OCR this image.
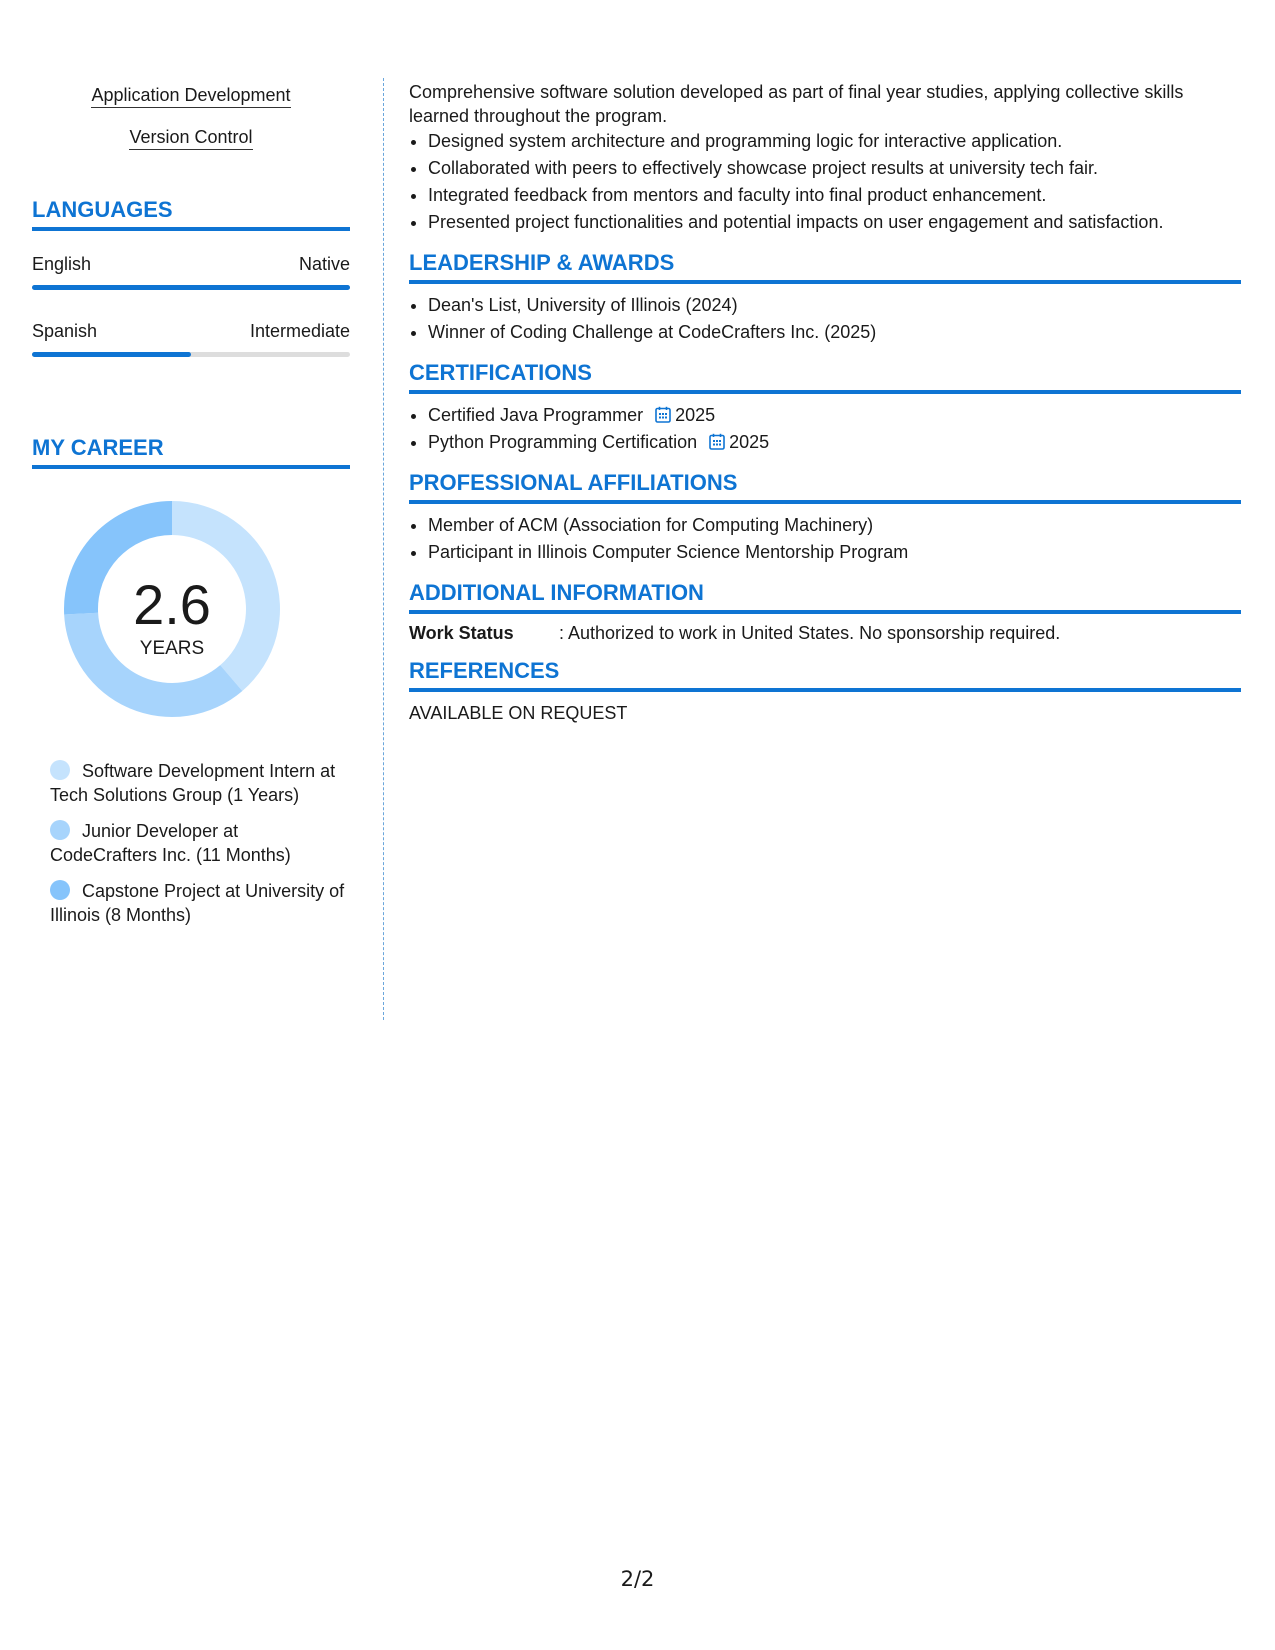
Application Development
Version Control
LANGUAGES
English	Native
Spanish	Intermediate
MY CAREER
2.6
YEARS
Software Development Intern at Tech Solutions Group (1 Years)
Junior Developer at CodeCrafters Inc. (11 Months)
Capstone Project at University of Illinois (8 Months)

Comprehensive software solution developed as part of final year studies, applying collective skills learned throughout the program.

• Designed system architecture and programming logic for interactive application.
• Collaborated with peers to effectively showcase project results at university tech fair.
• Integrated feedback from mentors and faculty into final product enhancement.
• Presented project functionalities and potential impacts on user engagement and satisfaction.
LEADERSHIP & AWARDS
• Dean's List, University of Illinois (2024)
• Winner of Coding Challenge at CodeCrafters Inc. (2025)
CERTIFICATIONS
• Certified Java Programmer 2025
• Python Programming Certification 2025
PROFESSIONAL AFFILIATIONS
• Member of ACM (Association for Computing Machinery)
• Participant in Illinois Computer Science Mentorship Program
ADDITIONAL INFORMATION
Work Status	: Authorized to work in United States. No sponsorship required.
REFERENCES
AVAILABLE ON REQUEST
2/2
